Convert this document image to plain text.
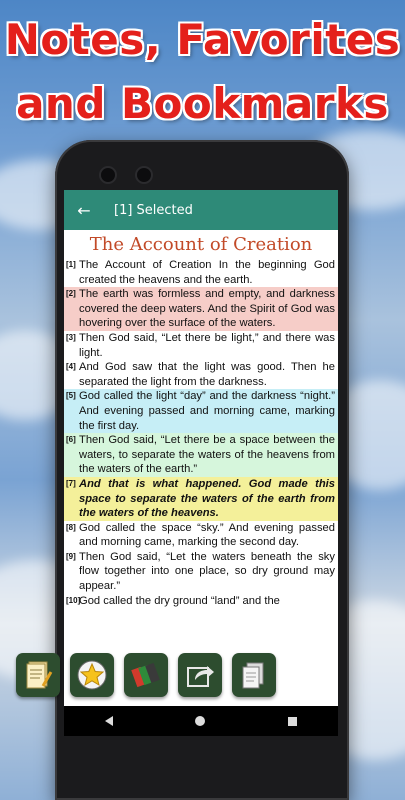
Notes, Favorites
and Bookmarks
←	[1] Selected
The Account of Creation
[1] The Account of Creation In the beginning God created the heavens and the earth.
[2] The earth was formless and empty, and darkness covered the deep waters. And the Spirit of God was hovering over the surface of the waters.
[3] Then God said, “Let there be light,” and there was light.
[4] And God saw that the light was good. Then he separated the light from the darkness.
[5] God called the light “day” and the darkness “night.” And evening passed and morning came, marking the first day.
[6] Then God said, “Let there be a space between the waters, to separate the waters of the heavens from the waters of the earth.”
[7] And that is what happened. God made this space to separate the waters of the earth from the waters of the heavens.
[8] God called the space “sky.” And evening passed and morning came, marking the second day.
[9] Then God said, “Let the waters beneath the sky flow together into one place, so dry ground may appear.”
[10]
God called the dry ground “land” and the
